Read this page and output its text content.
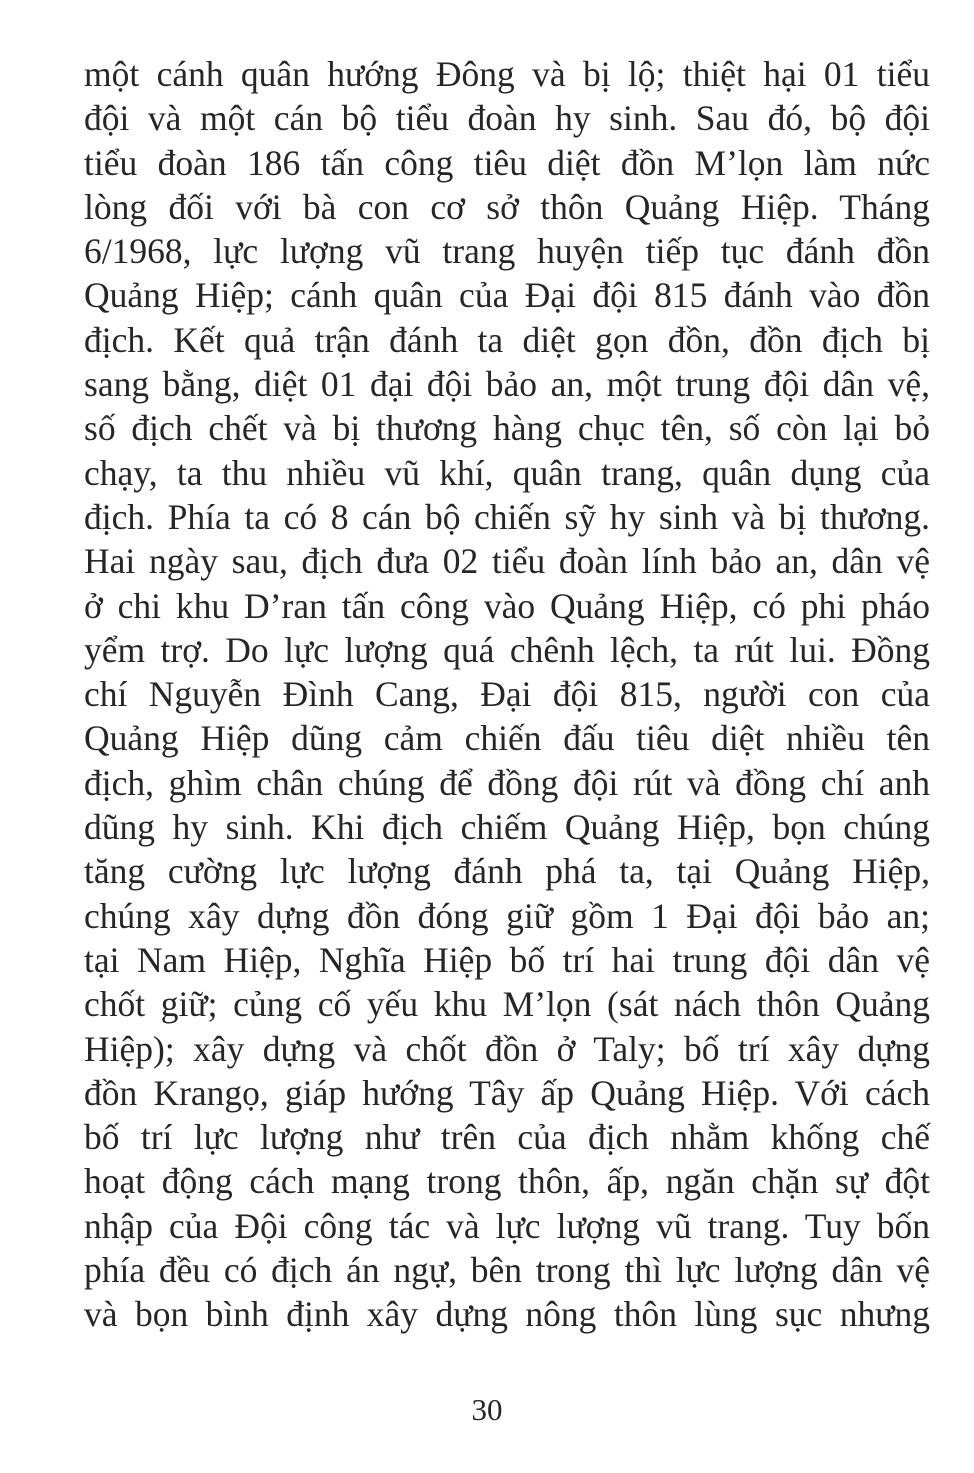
một cánh quân hướng Đông và bị lộ; thiệt hại 01 tiểu
đội và một cán bộ tiểu đoàn hy sinh. Sau đó, bộ đội
tiểu đoàn 186 tấn công tiêu diệt đồn M’lọn làm nức
lòng đối với bà con cơ sở thôn Quảng Hiệp. Tháng
6/1968, lực lượng vũ trang huyện tiếp tục đánh đồn
Quảng Hiệp; cánh quân của Đại đội 815 đánh vào đồn
địch. Kết quả trận đánh ta diệt gọn đồn, đồn địch bị
sang bằng, diệt 01 đại đội bảo an, một trung đội dân vệ,
số địch chết và bị thương hàng chục tên, số còn lại bỏ
chạy, ta thu nhiều vũ khí, quân trang, quân dụng của
địch. Phía ta có 8 cán bộ chiến sỹ hy sinh và bị thương.
Hai ngày sau, địch đưa 02 tiểu đoàn lính bảo an, dân vệ
ở chi khu D’ran tấn công vào Quảng Hiệp, có phi pháo
yểm trợ. Do lực lượng quá chênh lệch, ta rút lui. Đồng
chí Nguyễn Đình Cang, Đại đội 815, người con của
Quảng Hiệp dũng cảm chiến đấu tiêu diệt nhiều tên
địch, ghìm chân chúng để đồng đội rút và đồng chí anh
dũng hy sinh. Khi địch chiếm Quảng Hiệp, bọn chúng
tăng cường lực lượng đánh phá ta, tại Quảng Hiệp,
chúng xây dựng đồn đóng giữ gồm 1 Đại đội bảo an;
tại Nam Hiệp, Nghĩa Hiệp bố trí hai trung đội dân vệ
chốt giữ; củng cố yếu khu M’lọn (sát nách thôn Quảng
Hiệp); xây dựng và chốt đồn ở Taly; bố trí xây dựng
đồn Krangọ, giáp hướng Tây ấp Quảng Hiệp. Với cách
bố trí lực lượng như trên của địch nhằm khống chế
hoạt động cách mạng trong thôn, ấp, ngăn chặn sự đột
nhập của Đội công tác và lực lượng vũ trang. Tuy bốn
phía đều có địch án ngự, bên trong thì lực lượng dân vệ
và bọn bình định xây dựng nông thôn lùng sục nhưng
30
